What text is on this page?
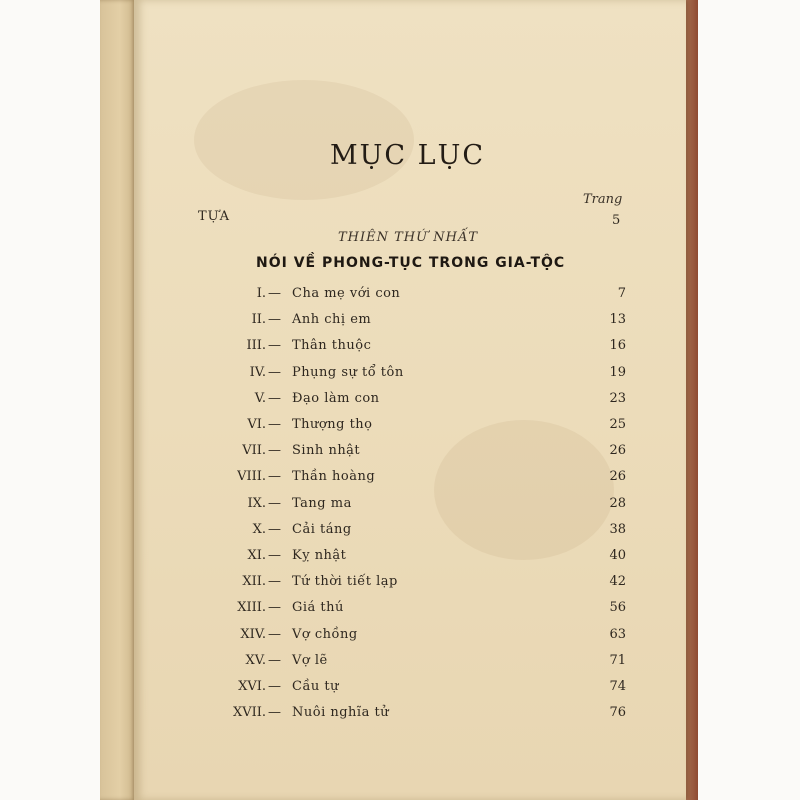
MỤC LỤC
Trang
TỰA	5
THIÊN THỨ NHẤT
NÓI VỀ PHONG-TỤC TRONG GIA-TỘC
I. — Cha mẹ với con	7
II. — Anh chị em	13
III. — Thân thuộc	16
IV. — Phụng sự tổ tôn	19
V. — Đạo làm con	23
VI. — Thượng thọ	25
VII. — Sinh nhật	26
VIII. — Thần hoàng	26
IX. — Tang ma	28
X. — Cải táng	38
XI. — Kỵ nhật	40
XII. — Tứ thời tiết lạp	42
XIII. — Giá thú	56
XIV. — Vợ chồng	63
XV. — Vợ lẽ	71
XVI. — Cầu tự	74
XVII. — Nuôi nghĩa tử	76
